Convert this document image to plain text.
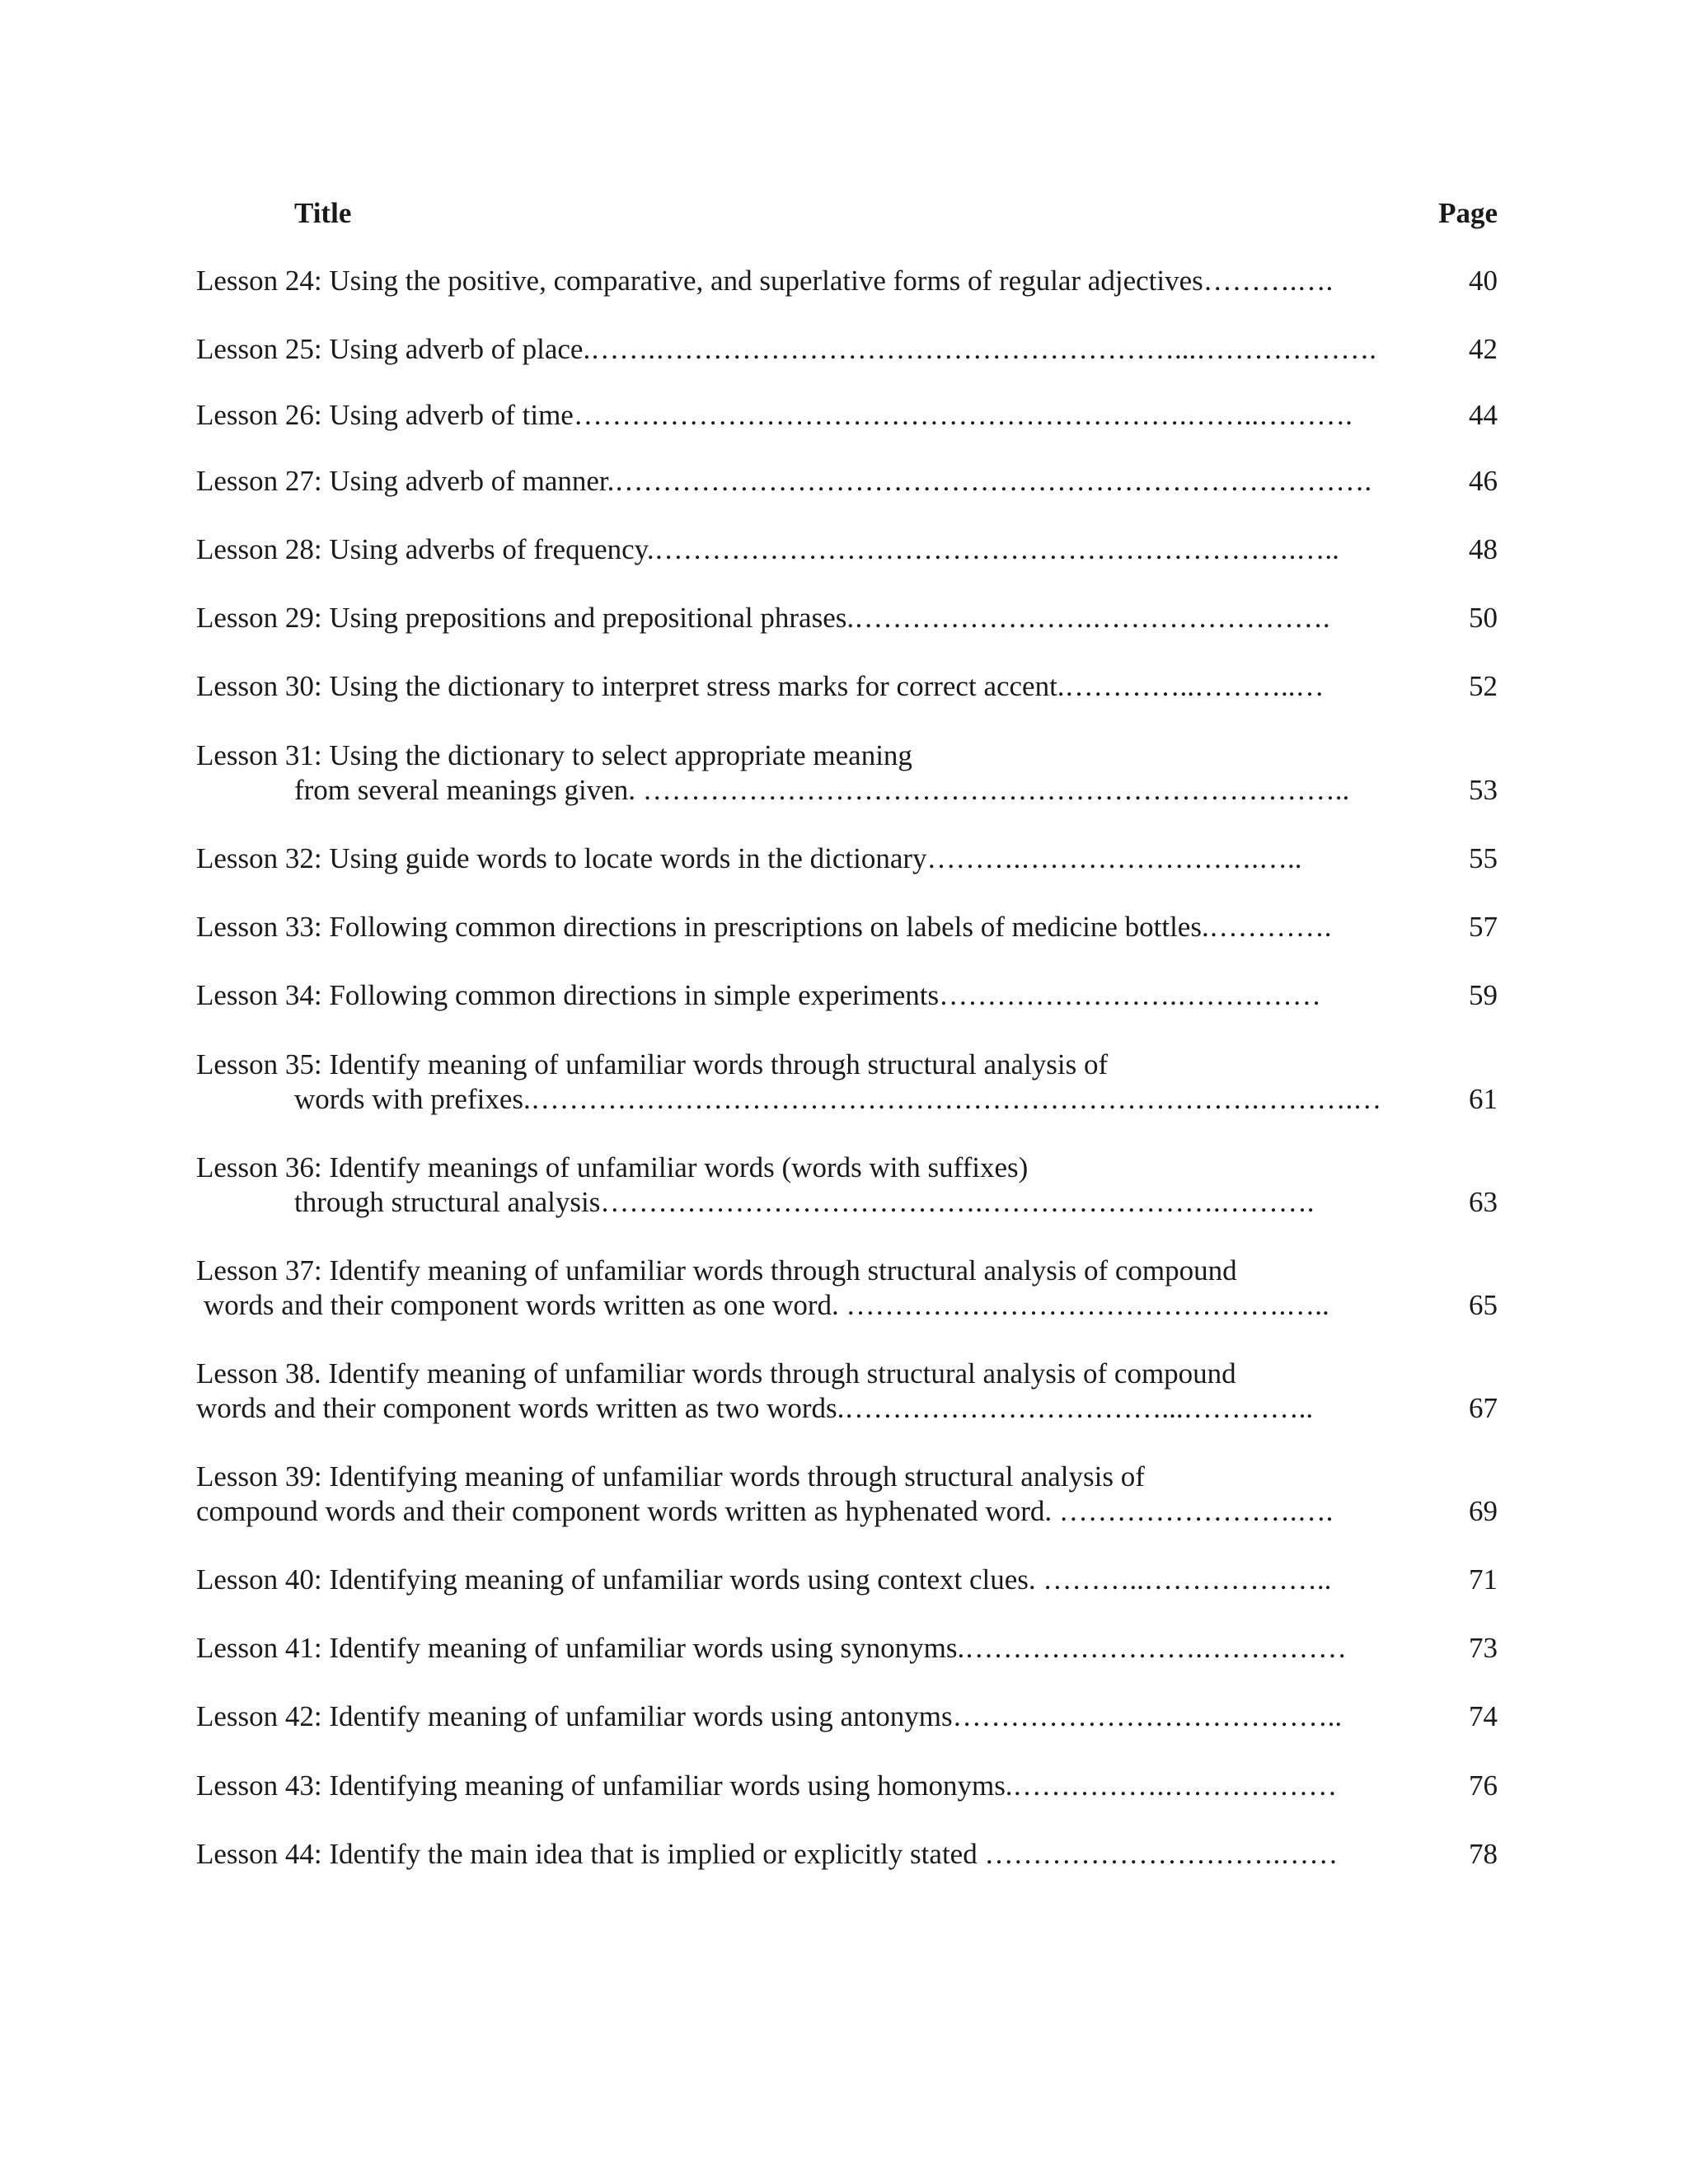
Title	Page
Lesson 24: Using the positive, comparative, and superlative forms of regular adjectives……….….	40
Lesson 25: Using adverb of place.…….………………………………………………...……………….	42
Lesson 26: Using adverb of time……………………………………………………….……..……….	44
Lesson 27: Using adverb of manner.…………………………………………………………………….	46
Lesson 28: Using adverbs of frequency.………………………………………………………….…..	48
Lesson 29: Using prepositions and prepositional phrases.…………………….…………………….	50
Lesson 30: Using the dictionary to interpret stress marks for correct accent.…………..………..…	52
Lesson 31: Using the dictionary to select appropriate meaning
from several meanings given. ………………………………………………………………..	53
Lesson 32: Using guide words to locate words in the dictionary……….…………………….…..	55
Lesson 33: Following common directions in prescriptions on labels of medicine bottles.………….	57
Lesson 34: Following common directions in simple experiments…………………….……………	59
Lesson 35: Identify meaning of unfamiliar words through structural analysis of
words with prefixes.………………………………………………………………….……….…	61
Lesson 36: Identify meanings of unfamiliar words (words with suffixes)
through structural analysis………………………………….…………………….……….	63
Lesson 37: Identify meaning of unfamiliar words through structural analysis of compound
words and their component words written as one word. ……………………………………….…..	65
Lesson 38. Identify meaning of unfamiliar words through structural analysis of compound
words and their component words written as two words.……………………………...…………..	67
Lesson 39: Identifying meaning of unfamiliar words through structural analysis of
compound words and their component words written as hyphenated word. …………………….….	69
Lesson 40: Identifying meaning of unfamiliar words using context clues. ………..………………..	71
Lesson 41: Identify meaning of unfamiliar words using synonyms.…………………….……………	73
Lesson 42: Identify meaning of unfamiliar words using antonyms…………………………………..	74
Lesson 43: Identifying meaning of unfamiliar words using homonyms.…………….………………	76
Lesson 44: Identify the main idea that is implied or explicitly stated ………………………….……	78
